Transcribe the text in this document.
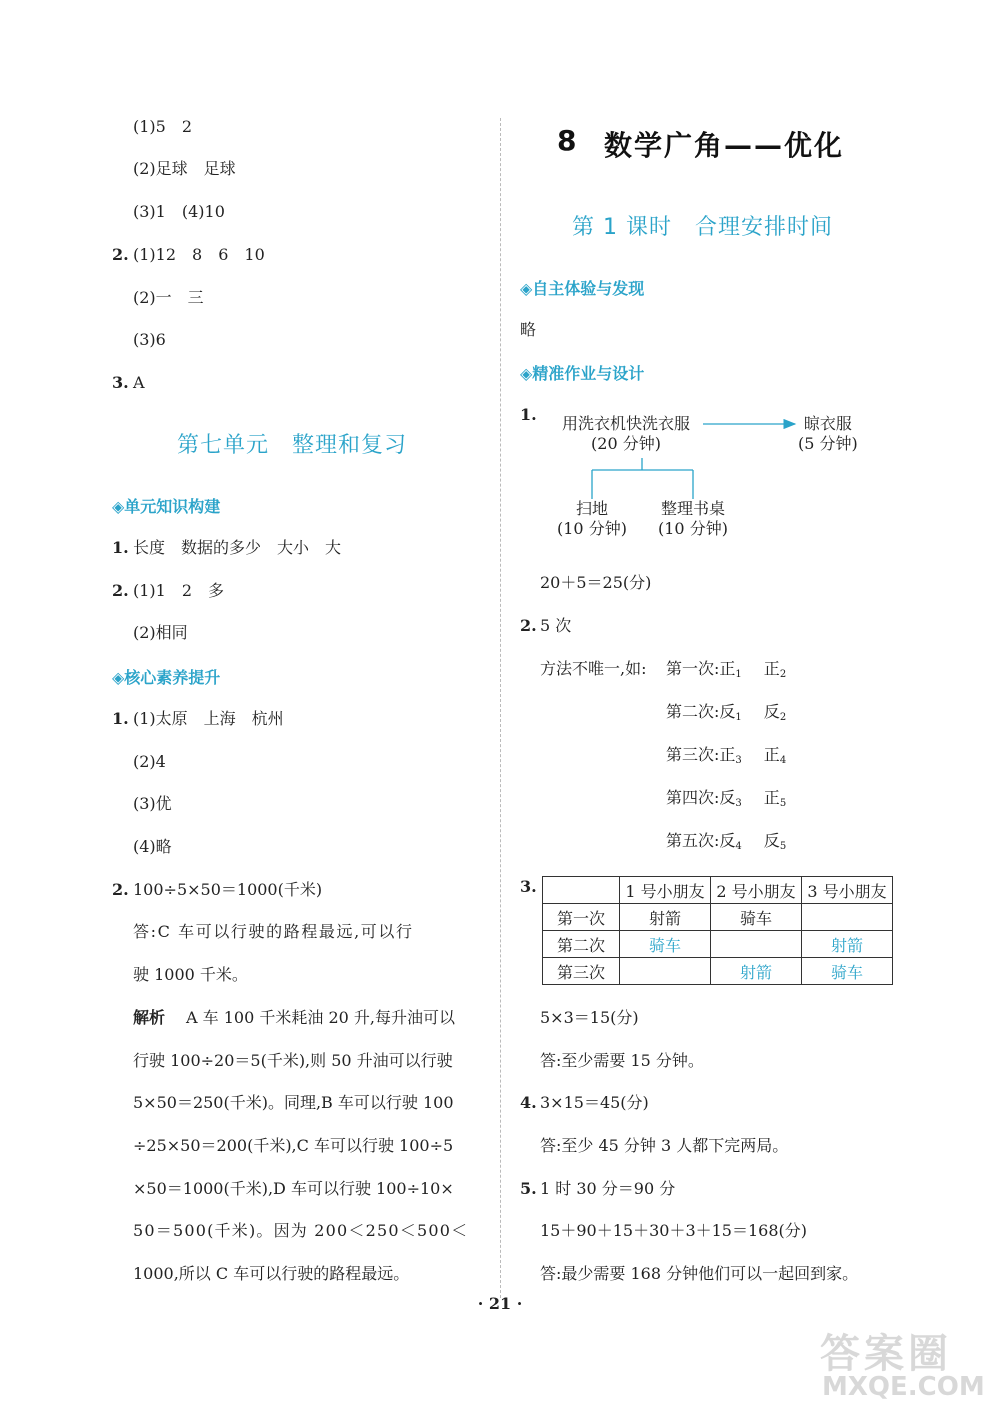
(1)5　2
(2)足球　足球
(3)1　(4)10
2. (1)12　8　6　10
(2)一　三
(3)6
3. A
第七单元　整理和复习
◈单元知识构建
1. 长度　数据的多少　大小　大
2. (1)1　2　多
(2)相同
◈核心素养提升
1. (1)太原　上海　杭州
(2)4
(3)优
(4)略
2. 100÷5×50＝1000(千米)
答:C 车可以行驶的路程最远,可以行
驶 1000 千米。
解析 A 车 100 千米耗油 20 升,每升油可以
行驶 100÷20＝5(千米),则 50 升油可以行驶
5×50＝250(千米)。同理,B 车可以行驶 100
÷25×50＝200(千米),C 车可以行驶 100÷5
×50＝1000(千米),D 车可以行驶 100÷10×
50＝500(千米)。因为 200＜250＜500＜
1000,所以 C 车可以行驶的路程最远。
8 数学广角——优化
第 1 课时　合理安排时间
◈自主体验与发现
略
◈精准作业与设计
1. 用洗衣机快洗衣服
(20 分钟)
晾衣服
(5 分钟)
扫地
(10 分钟)
整理书桌
(10 分钟)
20＋5＝25(分)
2. 5 次
方法不唯一,如: 第一次:正$_1$ 正$_2$
第二次:反$_1$ 反$_2$
第三次:正$_3$ 正$_4$
第四次:反$_3$ 正$_5$
第五次:反$_4$ 反$_5$
3.
		1 号小朋友	2 号小朋友	3 号小朋友
第一次	射箭	骑车	
第二次	骑车		射箭
第三次		射箭	骑车
5×3＝15(分)
答:至少需要 15 分钟。
4. 3×15＝45(分)
答:至少 45 分钟 3 人都下完两局。
5. 1 时 30 分＝90 分
15＋90＋15＋30＋3＋15＝168(分)
答:最少需要 168 分钟他们可以一起回到家。
· 21 ·
答案圈
MXQE.COM
